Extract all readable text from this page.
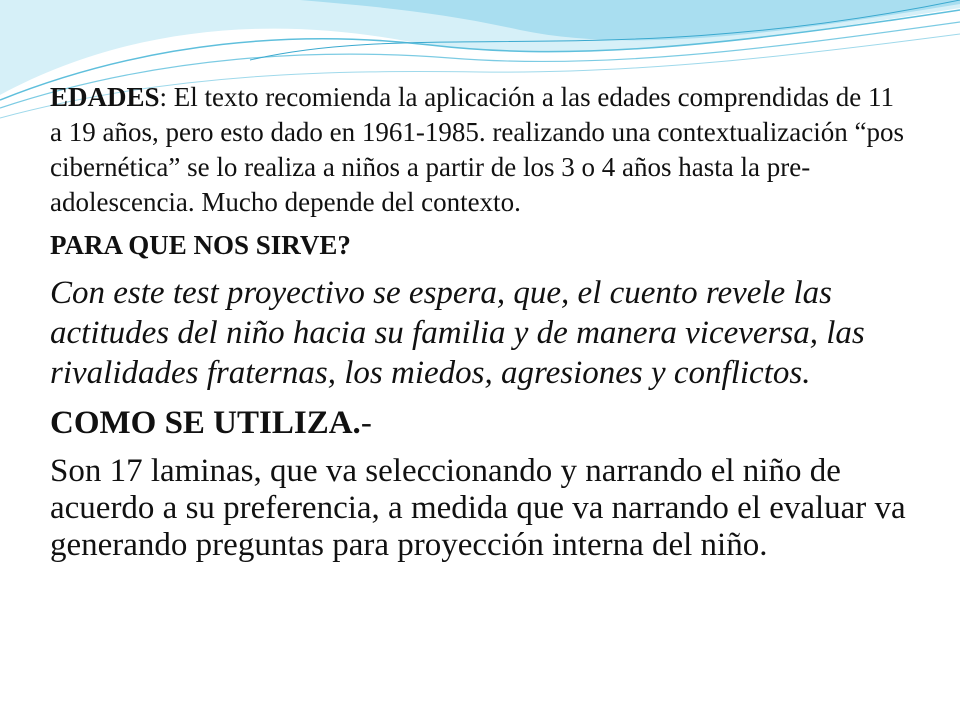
EDADES: El texto recomienda la aplicación a las edades comprendidas de 11 a 19 años, pero esto dado en 1961-1985. realizando una contextualización “pos cibernética” se lo realiza a niños a partir de los 3 o 4 años hasta la pre-adolescencia. Mucho depende del contexto.

PARA QUE NOS SIRVE?

Con este test proyectivo se espera, que, el cuento revele las actitudes del niño hacia su familia y de manera viceversa, las rivalidades fraternas, los miedos, agresiones y conflictos.

COMO SE UTILIZA.-

Son 17 laminas, que va seleccionando y narrando el niño de acuerdo a su preferencia, a medida que va narrando el evaluar va generando preguntas para proyección interna del niño.
